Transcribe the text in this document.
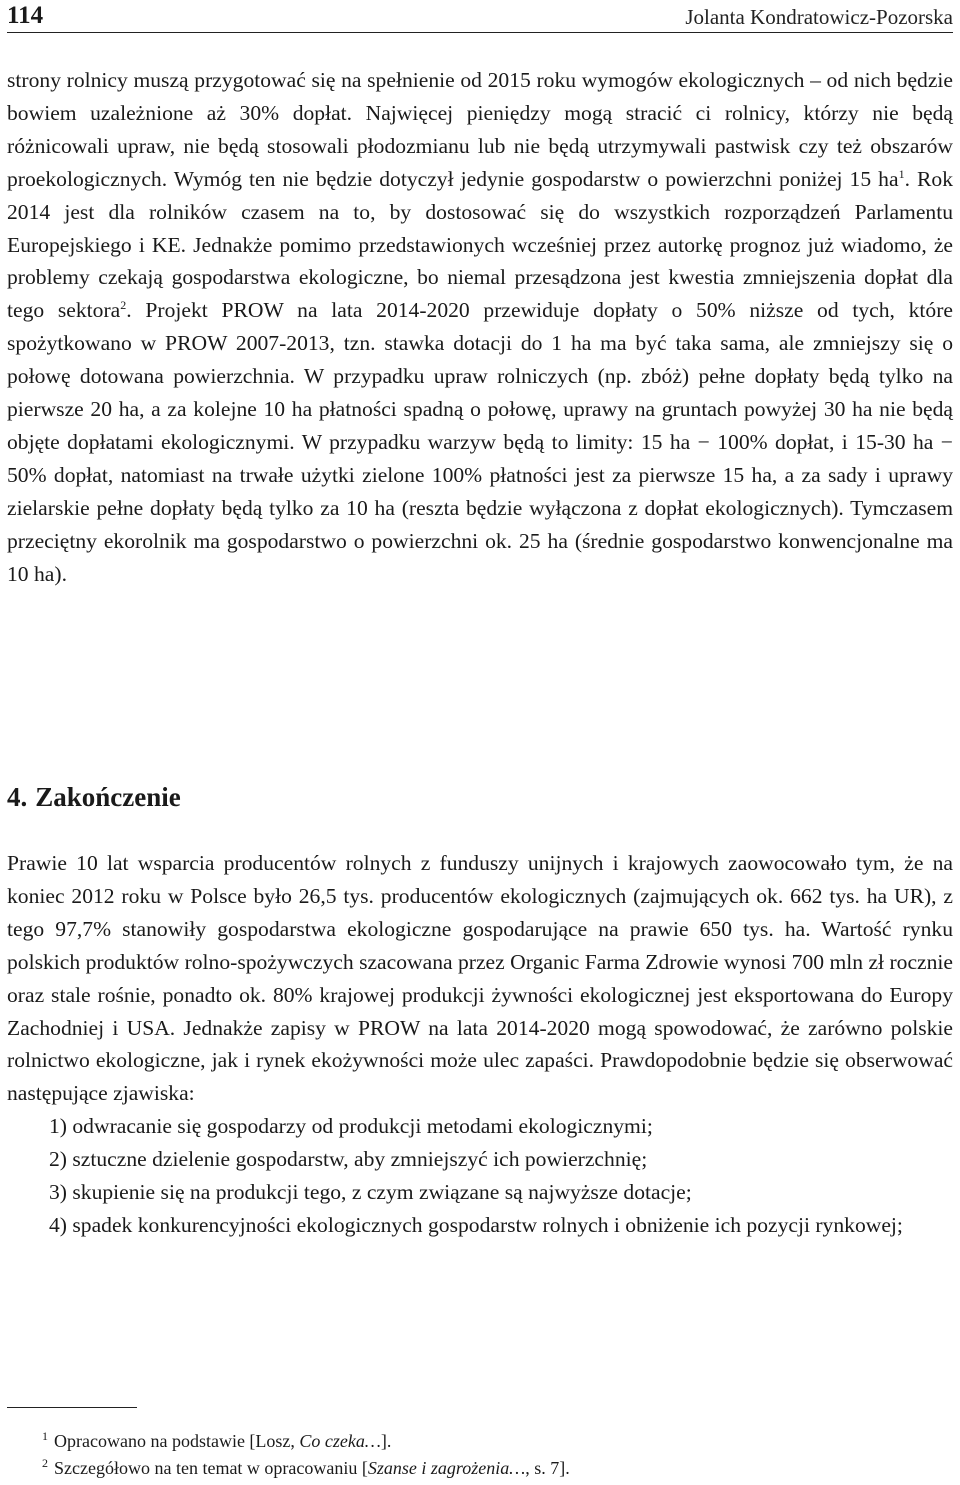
114	Jolanta Kondratowicz-Pozorska

strony rolnicy muszą przygotować się na spełnienie od 2015 roku wymogów ekologicznych – od nich będzie bowiem uzależnione aż 30% dopłat. Najwięcej pieniędzy mogą stracić ci rolnicy, którzy nie będą różnicowali upraw, nie będą stosowali płodozmianu lub nie będą utrzymywali pastwisk czy też obszarów proekologicznych. Wymóg ten nie będzie dotyczył jedynie gospodarstw o powierzchni poniżej 15 $ha^1$. Rok 2014 jest dla rolników czasem na to, by dostosować się do wszystkich rozporządzeń Parlamentu Europejskiego i KE. Jednakże pomimo przedstawionych wcześniej przez autorkę prognoz już wiadomo, że problemy czekają gospodarstwa ekologiczne, bo niemal przesądzona jest kwestia zmniejszenia dopłat dla tego sektora$^2$. Projekt PROW na lata 2014-2020 przewiduje dopłaty o 50% niższe od tych, które spożytkowano w PROW 2007-2013, tzn. stawka dotacji do 1 ha ma być taka sama, ale zmniejszy się o połowę dotowana powierzchnia. W przypadku upraw rolniczych (np. zbóż) pełne dopłaty będą tylko na pierwsze 20 ha, a za kolejne 10 ha płatności spadną o połowę, uprawy na gruntach powyżej 30 ha nie będą objęte dopłatami ekologicznymi. W przypadku warzyw będą to limity: 15 ha − 100% dopłat, i 15-30 ha − 50% dopłat, natomiast na trwałe użytki zielone 100% płatności jest za pierwsze 15 ha, a za sady i uprawy zielarskie pełne dopłaty będą tylko za 10 ha (reszta będzie wyłączona z dopłat ekologicznych). Tymczasem przeciętny ekorolnik ma gospodarstwo o powierzchni ok. 25 ha (średnie gospodarstwo konwencjonalne ma 10 ha).

4. Zakończenie

Prawie 10 lat wsparcia producentów rolnych z funduszy unijnych i krajowych zaowocowało tym, że na koniec 2012 roku w Polsce było 26,5 tys. producentów ekologicznych (zajmujących ok. 662 tys. ha UR), z tego 97,7% stanowiły gospodarstwa ekologiczne gospodarujące na prawie 650 tys. ha. Wartość rynku polskich produktów rolno-spożywczych szacowana przez Organic Farma Zdrowie wynosi 700 mln zł rocznie oraz stale rośnie, ponadto ok. 80% krajowej produkcji żywności ekologicznej jest eksportowana do Europy Zachodniej i USA. Jednakże zapisy w PROW na lata 2014-2020 mogą spowodować, że zarówno polskie rolnictwo ekologiczne, jak i rynek ekożywności może ulec zapaści. Prawdopodobnie będzie się obserwować następujące zjawiska:

1) odwracanie się gospodarzy od produkcji metodami ekologicznymi;

2) sztuczne dzielenie gospodarstw, aby zmniejszyć ich powierzchnię;

3) skupienie się na produkcji tego, z czym związane są najwyższe dotacje;

4) spadek konkurencyjności ekologicznych gospodarstw rolnych i obniżenie ich pozycji rynkowej;

$^1$ Opracowano na podstawie [Losz, Co czeka…].

$^2$ Szczegółowo na ten temat w opracowaniu [Szanse i zagrożenia…, s. 7].
